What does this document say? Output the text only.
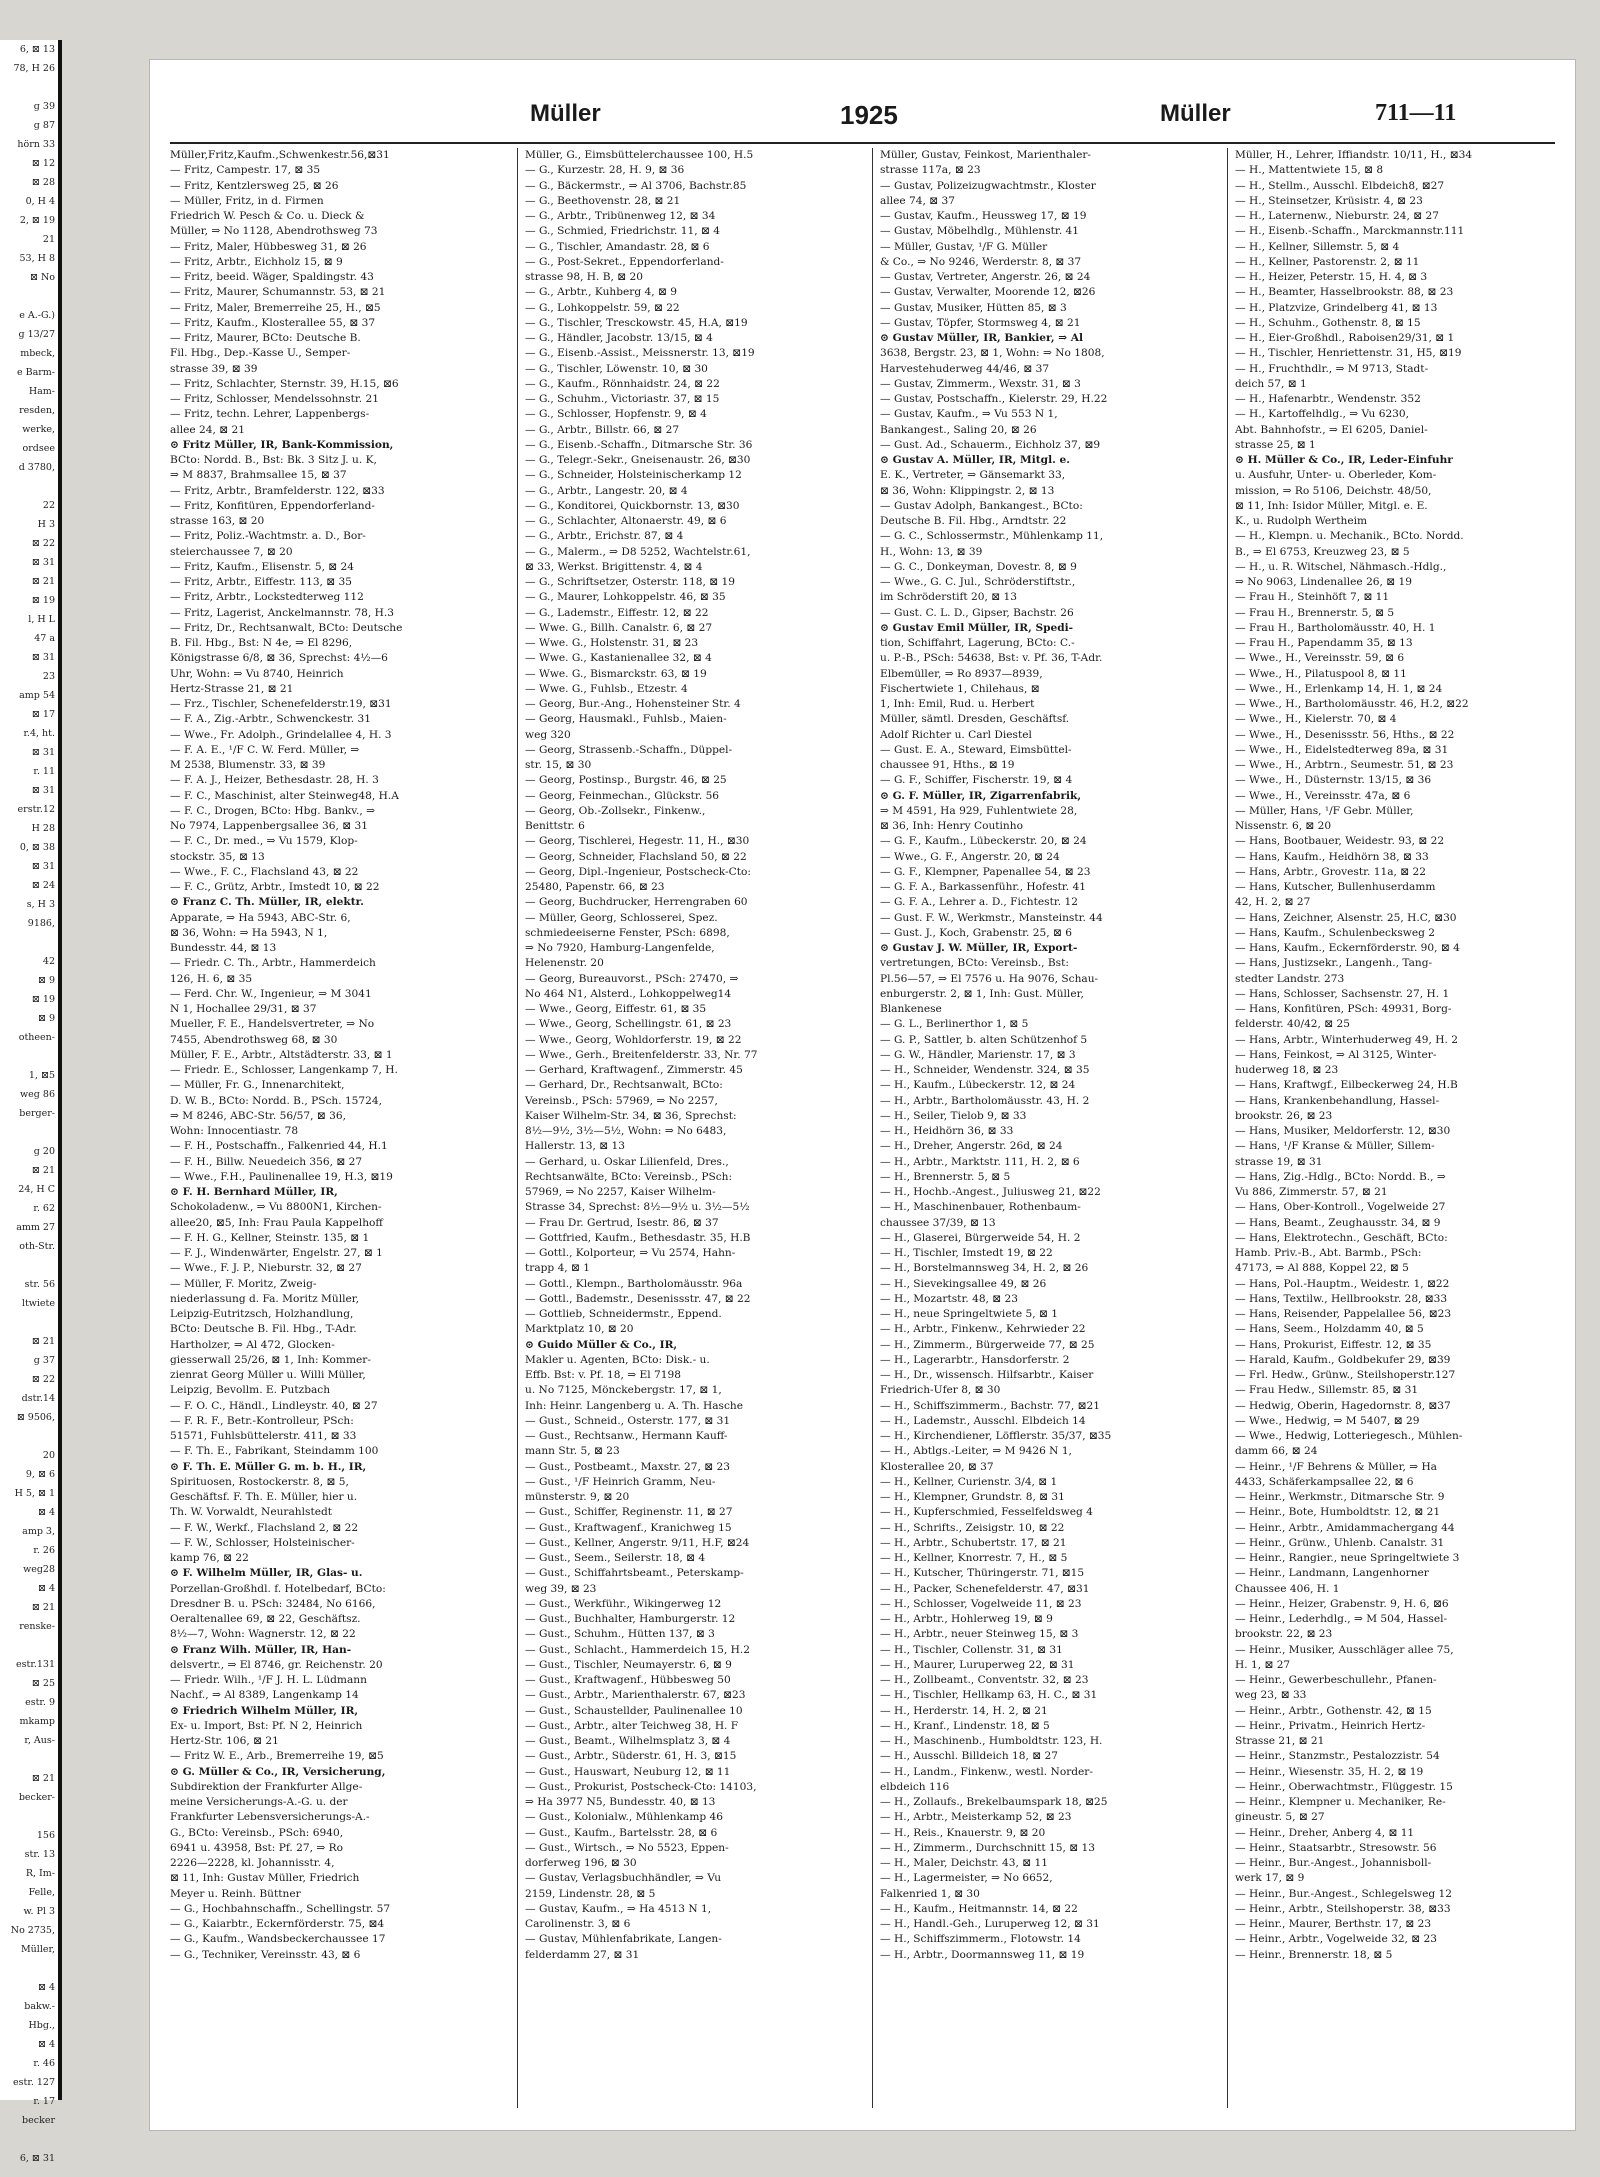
6, ⊠ 13
78, H 26

g 39
g 87
hörn 33
⊠ 12
⊠ 28
0, H 4
2, ⊠ 19
21
53, H 8
⊠ No

e A.-G.)
g 13/27
mbeck,
e Barm-
Ham-
resden,
werke,
ordsee
d 3780,

22
H 3
⊠ 22
⊠ 31
⊠ 21
⊠ 19
l, H L
47 a
⊠ 31
23
amp 54
⊠ 17
r.4, ht.
⊠ 31
r. 11
⊠ 31
erstr.12
H 28
0, ⊠ 38
⊠ 31
⊠ 24
s, H 3
9186,

42
⊠ 9
⊠ 19
⊠ 9
otheen-

1, ⊠5
weg 86
berger-

g 20
⊠ 21
24, H C
r. 62
amm 27
oth-Str.

str. 56
ltwiete

⊠ 21
g 37
⊠ 22
dstr.14
⊠ 9506,

20
9, ⊠ 6
H 5, ⊠ 1
⊠ 4
amp 3,
r. 26
weg28
⊠ 4
⊠ 21
renske-

estr.131
⊠ 25
estr. 9
mkamp
r, Aus-

⊠ 21
becker-

156
str. 13
R, Im-
Felle,
w. Pl 3
No 2735,
Müller,

⊠ 4
bakw.-
Hbg.,
⊠ 4
r. 46
estr. 127
r. 17
becker

6, ⊠ 31
Müller	1925	Müller	711—11
Müller,Fritz,Kaufm.,Schwenkestr.56,⊠31
— Fritz, Campestr. 17, ⊠ 35
— Fritz, Kentzlersweg 25, ⊠ 26
— Müller, Fritz, in d. Firmen
Friedrich W. Pesch & Co. u. Dieck &
Müller, ⇒ No 1128, Abendrothsweg 73
— Fritz, Maler, Hübbesweg 31, ⊠ 26
— Fritz, Arbtr., Eichholz 15, ⊠ 9
— Fritz, beeid. Wäger, Spaldingstr. 43
— Fritz, Maurer, Schumannstr. 53, ⊠ 21
— Fritz, Maler, Bremerreihe 25, H., ⊠5
— Fritz, Kaufm., Klosterallee 55, ⊠ 37
— Fritz, Maurer, BCto: Deutsche B.
Fil. Hbg., Dep.-Kasse U., Semper-
strasse 39, ⊠ 39
— Fritz, Schlachter, Sternstr. 39, H.15, ⊠6
— Fritz, Schlosser, Mendelssohnstr. 21
— Fritz, techn. Lehrer, Lappenbergs-
allee 24, ⊠ 21
⊙ Fritz Müller, IR, Bank-Kommission,
BCto: Nordd. B., Bst: Bk. 3 Sitz J. u. K,
⇒ M 8837, Brahmsallee 15, ⊠ 37
— Fritz, Arbtr., Bramfelderstr. 122, ⊠33
— Fritz, Konfitüren, Eppendorferland-
strasse 163, ⊠ 20
— Fritz, Poliz.-Wachtmstr. a. D., Bor-
steierchaussee 7, ⊠ 20
— Fritz, Kaufm., Elisenstr. 5, ⊠ 24
— Fritz, Arbtr., Eiffestr. 113, ⊠ 35
— Fritz, Arbtr., Lockstedterweg 112
— Fritz, Lagerist, Anckelmannstr. 78, H.3
— Fritz, Dr., Rechtsanwalt, BCto: Deutsche
B. Fil. Hbg., Bst: N 4e, ⇒ El 8296,
Königstrasse 6/8, ⊠ 36, Sprechst: 4½—6
Uhr, Wohn: ⇒ Vu 8740, Heinrich
Hertz-Strasse 21, ⊠ 21
— Frz., Tischler, Schenefelderstr.19, ⊠31
— F. A., Zig.-Arbtr., Schwenckestr. 31
— Wwe., Fr. Adolph., Grindelallee 4, H. 3
— F. A. E., ¹/F C. W. Ferd. Müller, ⇒
M 2538, Blumenstr. 33, ⊠ 39
— F. A. J., Heizer, Bethesdastr. 28, H. 3
— F. C., Maschinist, alter Steinweg48, H.A
— F. C., Drogen, BCto: Hbg. Bankv., ⇒
No 7974, Lappenbergsallee 36, ⊠ 31
— F. C., Dr. med., ⇒ Vu 1579, Klop-
stockstr. 35, ⊠ 13
— Wwe., F. C., Flachsland 43, ⊠ 22
— F. C., Grütz, Arbtr., Imstedt 10, ⊠ 22
⊙ Franz C. Th. Müller, IR, elektr.
Apparate, ⇒ Ha 5943, ABC-Str. 6,
⊠ 36, Wohn: ⇒ Ha 5943, N 1,
Bundesstr. 44, ⊠ 13
— Friedr. C. Th., Arbtr., Hammerdeich
126, H. 6, ⊠ 35
— Ferd. Chr. W., Ingenieur, ⇒ M 3041
N 1, Hochallee 29/31, ⊠ 37
Mueller, F. E., Handelsvertreter, ⇒ No
7455, Abendrothsweg 68, ⊠ 30
Müller, F. E., Arbtr., Altstädterstr. 33, ⊠ 1
— Friedr. E., Schlosser, Langenkamp 7, H.
— Müller, Fr. G., Innenarchitekt,
D. W. B., BCto: Nordd. B., PSch. 15724,
⇒ M 8246, ABC-Str. 56/57, ⊠ 36,
Wohn: Innocentiastr. 78
— F. H., Postschaffn., Falkenried 44, H.1
— F. H., Billw. Neuedeich 356, ⊠ 27
— Wwe., F.H., Paulinenallee 19, H.3, ⊠19
⊙ F. H. Bernhard Müller, IR,
Schokoladenw., ⇒ Vu 8800N1, Kirchen-
allee20, ⊠5, Inh: Frau Paula Kappelhoff
— F. H. G., Kellner, Steinstr. 135, ⊠ 1
— F. J., Windenwärter, Engelstr. 27, ⊠ 1
— Wwe., F. J. P., Nieburstr. 32, ⊠ 27
— Müller, F. Moritz, Zweig-
niederlassung d. Fa. Moritz Müller,
Leipzig-Eutritzsch, Holzhandlung,
BCto: Deutsche B. Fil. Hbg., T-Adr.
Hartholzer, ⇒ Al 472, Glocken-
giesserwall 25/26, ⊠ 1, Inh: Kommer-
zienrat Georg Müller u. Willi Müller,
Leipzig, Bevollm. E. Putzbach
— F. O. C., Händl., Lindleystr. 40, ⊠ 27
— F. R. F., Betr.-Kontrolleur, PSch:
51571, Fuhlsbüttelerstr. 411, ⊠ 33
— F. Th. E., Fabrikant, Steindamm 100
⊙ F. Th. E. Müller G. m. b. H., IR,
Spirituosen, Rostockerstr. 8, ⊠ 5,
Geschäftsf. F. Th. E. Müller, hier u.
Th. W. Vorwaldt, Neurahlstedt
— F. W., Werkf., Flachsland 2, ⊠ 22
— F. W., Schlosser, Holsteinischer-
kamp 76, ⊠ 22
⊙ F. Wilhelm Müller, IR, Glas- u.
Porzellan-Großhdl. f. Hotelbedarf, BCto:
Dresdner B. u. PSch: 32484, No 6166,
Oeraltenallee 69, ⊠ 22, Geschäftsz.
8½—7, Wohn: Wagnerstr. 12, ⊠ 22
⊙ Franz Wilh. Müller, IR, Han-
delsvertr., ⇒ El 8746, gr. Reichenstr. 20
— Friedr. Wilh., ¹/F J. H. L. Lüdmann
Nachf., ⇒ Al 8389, Langenkamp 14
⊙ Friedrich Wilhelm Müller, IR,
Ex- u. Import, Bst: Pf. N 2, Heinrich
Hertz-Str. 106, ⊠ 21
— Fritz W. E., Arb., Bremerreihe 19, ⊠5
⊙ G. Müller & Co., IR, Versicherung,
Subdirektion der Frankfurter Allge-
meine Versicherungs-A.-G. u. der
Frankfurter Lebensversicherungs-A.-
G., BCto: Vereinsb., PSch: 6940,
6941 u. 43958, Bst: Pf. 27, ⇒ Ro
2226—2228, kl. Johannisstr. 4,
⊠ 11, Inh: Gustav Müller, Friedrich
Meyer u. Reinh. Büttner
— G., Hochbahnschaffn., Schellingstr. 57
— G., Kaiarbtr., Eckernförderstr. 75, ⊠4
— G., Kaufm., Wandsbeckerchaussee 17
— G., Techniker, Vereinsstr. 43, ⊠ 6
Müller, G., Eimsbüttelerchaussee 100, H.5
— G., Kurzestr. 28, H. 9, ⊠ 36
— G., Bäckermstr., ⇒ Al 3706, Bachstr.85
— G., Beethovenstr. 28, ⊠ 21
— G., Arbtr., Tribünenweg 12, ⊠ 34
— G., Schmied, Friedrichstr. 11, ⊠ 4
— G., Tischler, Amandastr. 28, ⊠ 6
— G., Post-Sekret., Eppendorferland-
strasse 98, H. B, ⊠ 20
— G., Arbtr., Kuhberg 4, ⊠ 9
— G., Lohkoppelstr. 59, ⊠ 22
— G., Tischler, Tresckowstr. 45, H.A, ⊠19
— G., Händler, Jacobstr. 13/15, ⊠ 4
— G., Eisenb.-Assist., Meissnerstr. 13, ⊠19
— G., Tischler, Löwenstr. 10, ⊠ 30
— G., Kaufm., Rönnhaidstr. 24, ⊠ 22
— G., Schuhm., Victoriastr. 37, ⊠ 15
— G., Schlosser, Hopfenstr. 9, ⊠ 4
— G., Arbtr., Billstr. 66, ⊠ 27
— G., Eisenb.-Schaffn., Ditmarsche Str. 36
— G., Telegr.-Sekr., Gneisenaustr. 26, ⊠30
— G., Schneider, Holsteinischerkamp 12
— G., Arbtr., Langestr. 20, ⊠ 4
— G., Konditorei, Quickbornstr. 13, ⊠30
— G., Schlachter, Altonaerstr. 49, ⊠ 6
— G., Arbtr., Erichstr. 87, ⊠ 4
— G., Malerm., ⇒ D8 5252, Wachtelstr.61,
⊠ 33, Werkst. Brigittenstr. 4, ⊠ 4
— G., Schriftsetzer, Osterstr. 118, ⊠ 19
— G., Maurer, Lohkoppelstr. 46, ⊠ 35
— G., Lademstr., Eiffestr. 12, ⊠ 22
— Wwe. G., Billh. Canalstr. 6, ⊠ 27
— Wwe. G., Holstenstr. 31, ⊠ 23
— Wwe. G., Kastanienallee 32, ⊠ 4
— Wwe. G., Bismarckstr. 63, ⊠ 19
— Wwe. G., Fuhlsb., Etzestr. 4
— Georg, Bur.-Ang., Hohensteiner Str. 4
— Georg, Hausmakl., Fuhlsb., Maien-
weg 320
— Georg, Strassenb.-Schaffn., Düppel-
str. 15, ⊠ 30
— Georg, Postinsp., Burgstr. 46, ⊠ 25
— Georg, Feinmechan., Glückstr. 56
— Georg, Ob.-Zollsekr., Finkenw.,
Benittstr. 6
— Georg, Tischlerei, Hegestr. 11, H., ⊠30
— Georg, Schneider, Flachsland 50, ⊠ 22
— Georg, Dipl.-Ingenieur, Postscheck-Cto:
25480, Papenstr. 66, ⊠ 23
— Georg, Buchdrucker, Herrengraben 60
— Müller, Georg, Schlosserei, Spez.
schmiedeeiserne Fenster, PSch: 6898,
⇒ No 7920, Hamburg-Langenfelde,
Helenenstr. 20
— Georg, Bureauvorst., PSch: 27470, ⇒
No 464 N1, Alsterd., Lohkoppelweg14
— Wwe., Georg, Eiffestr. 61, ⊠ 35
— Wwe., Georg, Schellingstr. 61, ⊠ 23
— Wwe., Georg, Wohldorferstr. 19, ⊠ 22
— Wwe., Gerh., Breitenfelderstr. 33, Nr. 77
— Gerhard, Kraftwagenf., Zimmerstr. 45
— Gerhard, Dr., Rechtsanwalt, BCto:
Vereinsb., PSch: 57969, ⇒ No 2257,
Kaiser Wilhelm-Str. 34, ⊠ 36, Sprechst:
8½—9½, 3½—5½, Wohn: ⇒ No 6483,
Hallerstr. 13, ⊠ 13
— Gerhard, u. Oskar Lilienfeld, Dres.,
Rechtsanwälte, BCto: Vereinsb., PSch:
57969, ⇒ No 2257, Kaiser Wilhelm-
Strasse 34, Sprechst: 8½—9½ u. 3½—5½
— Frau Dr. Gertrud, Isestr. 86, ⊠ 37
— Gottfried, Kaufm., Bethesdastr. 35, H.B
— Gottl., Kolporteur, ⇒ Vu 2574, Hahn-
trapp 4, ⊠ 1
— Gottl., Klempn., Bartholomäusstr. 96a
— Gottl., Bademstr., Desenissstr. 47, ⊠ 22
— Gottlieb, Schneidermstr., Eppend.
Marktplatz 10, ⊠ 20
⊙ Guido Müller & Co., IR,
Makler u. Agenten, BCto: Disk.- u.
Effb. Bst: v. Pf. 18, ⇒ El 7198
u. No 7125, Mönckebergstr. 17, ⊠ 1,
Inh: Heinr. Langenberg u. A. Th. Hasche
— Gust., Schneid., Osterstr. 177, ⊠ 31
— Gust., Rechtsanw., Hermann Kauff-
mann Str. 5, ⊠ 23
— Gust., Postbeamt., Maxstr. 27, ⊠ 23
— Gust., ¹/F Heinrich Gramm, Neu-
münsterstr. 9, ⊠ 20
— Gust., Schiffer, Reginenstr. 11, ⊠ 27
— Gust., Kraftwagenf., Kranichweg 15
— Gust., Kellner, Angerstr. 9/11, H.F, ⊠24
— Gust., Seem., Seilerstr. 18, ⊠ 4
— Gust., Schiffahrtsbeamt., Peterskamp-
weg 39, ⊠ 23
— Gust., Werkführ., Wikingerweg 12
— Gust., Buchhalter, Hamburgerstr. 12
— Gust., Schuhm., Hütten 137, ⊠ 3
— Gust., Schlacht., Hammerdeich 15, H.2
— Gust., Tischler, Neumayerstr. 6, ⊠ 9
— Gust., Kraftwagenf., Hübbesweg 50
— Gust., Arbtr., Marienthalerstr. 67, ⊠23
— Gust., Schaustellder, Paulinenallee 10
— Gust., Arbtr., alter Teichweg 38, H. F
— Gust., Beamt., Wilhelmsplatz 3, ⊠ 4
— Gust., Arbtr., Süderstr. 61, H. 3, ⊠15
— Gust., Hauswart, Neuburg 12, ⊠ 11
— Gust., Prokurist, Postscheck-Cto: 14103,
⇒ Ha 3977 N5, Bundesstr. 40, ⊠ 13
— Gust., Kolonialw., Mühlenkamp 46
— Gust., Kaufm., Bartelsstr. 28, ⊠ 6
— Gust., Wirtsch., ⇒ No 5523, Eppen-
dorferweg 196, ⊠ 30
— Gustav, Verlagsbuchhändler, ⇒ Vu
2159, Lindenstr. 28, ⊠ 5
— Gustav, Kaufm., ⇒ Ha 4513 N 1,
Carolinenstr. 3, ⊠ 6
— Gustav, Mühlenfabrikate, Langen-
felderdamm 27, ⊠ 31
Müller, Gustav, Feinkost, Marienthaler-
strasse 117a, ⊠ 23
— Gustav, Polizeizugwachtmstr., Kloster
allee 74, ⊠ 37
— Gustav, Kaufm., Heussweg 17, ⊠ 19
— Gustav, Möbelhdlg., Mühlenstr. 41
— Müller, Gustav, ¹/F G. Müller
& Co., ⇒ No 9246, Werderstr. 8, ⊠ 37
— Gustav, Vertreter, Angerstr. 26, ⊠ 24
— Gustav, Verwalter, Moorende 12, ⊠26
— Gustav, Musiker, Hütten 85, ⊠ 3
— Gustav, Töpfer, Stormsweg 4, ⊠ 21
⊙ Gustav Müller, IR, Bankier, ⇒ Al
3638, Bergstr. 23, ⊠ 1, Wohn: ⇒ No 1808,
Harvestehuderweg 44/46, ⊠ 37
— Gustav, Zimmerm., Wexstr. 31, ⊠ 3
— Gustav, Postschaffn., Kielerstr. 29, H.22
— Gustav, Kaufm., ⇒ Vu 553 N 1,
Bankangest., Saling 20, ⊠ 26
— Gust. Ad., Schauerm., Eichholz 37, ⊠9
⊙ Gustav A. Müller, IR, Mitgl. e.
E. K., Vertreter, ⇒ Gänsemarkt 33,
⊠ 36, Wohn: Klippingstr. 2, ⊠ 13
— Gustav Adolph, Bankangest., BCto:
Deutsche B. Fil. Hbg., Arndtstr. 22
— G. C., Schlossermstr., Mühlenkamp 11,
H., Wohn: 13, ⊠ 39
— G. C., Donkeyman, Dovestr. 8, ⊠ 9
— Wwe., G. C. Jul., Schröderstiftstr.,
im Schröderstift 20, ⊠ 13
— Gust. C. L. D., Gipser, Bachstr. 26
⊙ Gustav Emil Müller, IR, Spedi-
tion, Schiffahrt, Lagerung, BCto: C.-
u. P.-B., PSch: 54638, Bst: v. Pf. 36, T-Adr.
Elbemüller, ⇒ Ro 8937—8939,
Fischertwiete 1, Chilehaus, ⊠
1, Inh: Emil, Rud. u. Herbert
Müller, sämtl. Dresden, Geschäftsf.
Adolf Richter u. Carl Diestel
— Gust. E. A., Steward, Eimsbüttel-
chaussee 91, Hths., ⊠ 19
— G. F., Schiffer, Fischerstr. 19, ⊠ 4
⊙ G. F. Müller, IR, Zigarrenfabrik,
⇒ M 4591, Ha 929, Fuhlentwiete 28,
⊠ 36, Inh: Henry Coutinho
— G. F., Kaufm., Lübeckerstr. 20, ⊠ 24
— Wwe., G. F., Angerstr. 20, ⊠ 24
— G. F., Klempner, Papenallee 54, ⊠ 23
— G. F. A., Barkassenführ., Hofestr. 41
— G. F. A., Lehrer a. D., Fichtestr. 12
— Gust. F. W., Werkmstr., Mansteinstr. 44
— Gust. J., Koch, Grabenstr. 25, ⊠ 6
⊙ Gustav J. W. Müller, IR, Export-
vertretungen, BCto: Vereinsb., Bst:
Pl.56—57, ⇒ El 7576 u. Ha 9076, Schau-
enburgerstr. 2, ⊠ 1, Inh: Gust. Müller,
Blankenese
— G. L., Berlinerthor 1, ⊠ 5
— G. P., Sattler, b. alten Schützenhof 5
— G. W., Händler, Marienstr. 17, ⊠ 3
— H., Schneider, Wendenstr. 324, ⊠ 35
— H., Kaufm., Lübeckerstr. 12, ⊠ 24
— H., Arbtr., Bartholomäusstr. 43, H. 2
— H., Seiler, Tielob 9, ⊠ 33
— H., Heidhörn 36, ⊠ 33
— H., Dreher, Angerstr. 26d, ⊠ 24
— H., Arbtr., Marktstr. 111, H. 2, ⊠ 6
— H., Brennerstr. 5, ⊠ 5
— H., Hochb.-Angest., Juliusweg 21, ⊠22
— H., Maschinenbauer, Rothenbaum-
chaussee 37/39, ⊠ 13
— H., Glaserei, Bürgerweide 54, H. 2
— H., Tischler, Imstedt 19, ⊠ 22
— H., Borstelmannsweg 34, H. 2, ⊠ 26
— H., Sievekingsallee 49, ⊠ 26
— H., Mozartstr. 48, ⊠ 23
— H., neue Springeltwiete 5, ⊠ 1
— H., Arbtr., Finkenw., Kehrwieder 22
— H., Zimmerm., Bürgerweide 77, ⊠ 25
— H., Lagerarbtr., Hansdorferstr. 2
— H., Dr., wissensch. Hilfsarbtr., Kaiser
Friedrich-Ufer 8, ⊠ 30
— H., Schiffszimmerm., Bachstr. 77, ⊠21
— H., Lademstr., Ausschl. Elbdeich 14
— H., Kirchendiener, Löfflerstr. 35/37, ⊠35
— H., Abtlgs.-Leiter, ⇒ M 9426 N 1,
Klosterallee 20, ⊠ 37
— H., Kellner, Curienstr. 3/4, ⊠ 1
— H., Klempner, Grundstr. 8, ⊠ 31
— H., Kupferschmied, Fesselfeldsweg 4
— H., Schrifts., Zeisigstr. 10, ⊠ 22
— H., Arbtr., Schubertstr. 17, ⊠ 21
— H., Kellner, Knorrestr. 7, H., ⊠ 5
— H., Kutscher, Thüringerstr. 71, ⊠15
— H., Packer, Schenefelderstr. 47, ⊠31
— H., Schlosser, Vogelweide 11, ⊠ 23
— H., Arbtr., Hohlerweg 19, ⊠ 9
— H., Arbtr., neuer Steinweg 15, ⊠ 3
— H., Tischler, Collenstr. 31, ⊠ 31
— H., Maurer, Luruperweg 22, ⊠ 31
— H., Zollbeamt., Conventstr. 32, ⊠ 23
— H., Tischler, Hellkamp 63, H. C., ⊠ 31
— H., Herderstr. 14, H. 2, ⊠ 21
— H., Kranf., Lindenstr. 18, ⊠ 5
— H., Maschinenb., Humboldtstr. 123, H.
— H., Ausschl. Billdeich 18, ⊠ 27
— H., Landm., Finkenw., westl. Norder-
elbdeich 116
— H., Zollaufs., Brekelbaumspark 18, ⊠25
— H., Arbtr., Meisterkamp 52, ⊠ 23
— H., Reis., Knauerstr. 9, ⊠ 20
— H., Zimmerm., Durchschnitt 15, ⊠ 13
— H., Maler, Deichstr. 43, ⊠ 11
— H., Lagermeister, ⇒ No 6652,
Falkenried 1, ⊠ 30
— H., Kaufm., Heitmannstr. 14, ⊠ 22
— H., Handl.-Geh., Luruperweg 12, ⊠ 31
— H., Schiffszimmerm., Flotowstr. 14
— H., Arbtr., Doormannsweg 11, ⊠ 19
Müller, H., Lehrer, Iffiandstr. 10/11, H., ⊠34
— H., Mattentwiete 15, ⊠ 8
— H., Stellm., Ausschl. Elbdeich8, ⊠27
— H., Steinsetzer, Krüsistr. 4, ⊠ 23
— H., Laternenw., Nieburstr. 24, ⊠ 27
— H., Eisenb.-Schaffn., Marckmannstr.111
— H., Kellner, Sillemstr. 5, ⊠ 4
— H., Kellner, Pastorenstr. 2, ⊠ 11
— H., Heizer, Peterstr. 15, H. 4, ⊠ 3
— H., Beamter, Hasselbrookstr. 88, ⊠ 23
— H., Platzvize, Grindelberg 41, ⊠ 13
— H., Schuhm., Gothenstr. 8, ⊠ 15
— H., Eier-Großhdl., Raboisen29/31, ⊠ 1
— H., Tischler, Henriettenstr. 31, H5, ⊠19
— H., Fruchthdlr., ⇒ M 9713, Stadt-
deich 57, ⊠ 1
— H., Hafenarbtr., Wendenstr. 352
— H., Kartoffelhdlg., ⇒ Vu 6230,
Abt. Bahnhofstr., ⇒ El 6205, Daniel-
strasse 25, ⊠ 1
⊙ H. Müller & Co., IR, Leder-Einfuhr
u. Ausfuhr, Unter- u. Oberleder, Kom-
mission, ⇒ Ro 5106, Deichstr. 48/50,
⊠ 11, Inh: Isidor Müller, Mitgl. e. E.
K., u. Rudolph Wertheim
— H., Klempn. u. Mechanik., BCto. Nordd.
B., ⇒ El 6753, Kreuzweg 23, ⊠ 5
— H., u. R. Witschel, Nähmasch.-Hdlg.,
⇒ No 9063, Lindenallee 26, ⊠ 19
— Frau H., Steinhöft 7, ⊠ 11
— Frau H., Brennerstr. 5, ⊠ 5
— Frau H., Bartholomäusstr. 40, H. 1
— Frau H., Papendamm 35, ⊠ 13
— Wwe., H., Vereinsstr. 59, ⊠ 6
— Wwe., H., Pilatuspool 8, ⊠ 11
— Wwe., H., Erlenkamp 14, H. 1, ⊠ 24
— Wwe., H., Bartholomäusstr. 46, H.2, ⊠22
— Wwe., H., Kielerstr. 70, ⊠ 4
— Wwe., H., Desenissstr. 56, Hths., ⊠ 22
— Wwe., H., Eidelstedterweg 89a, ⊠ 31
— Wwe., H., Arbtrn., Seumestr. 51, ⊠ 23
— Wwe., H., Düsternstr. 13/15, ⊠ 36
— Wwe., H., Vereinsstr. 47a, ⊠ 6
— Müller, Hans, ¹/F Gebr. Müller,
Nissenstr. 6, ⊠ 20
— Hans, Bootbauer, Weidestr. 93, ⊠ 22
— Hans, Kaufm., Heidhörn 38, ⊠ 33
— Hans, Arbtr., Grovestr. 11a, ⊠ 22
— Hans, Kutscher, Bullenhuserdamm
42, H. 2, ⊠ 27
— Hans, Zeichner, Alsenstr. 25, H.C, ⊠30
— Hans, Kaufm., Schulenbecksweg 2
— Hans, Kaufm., Eckernförderstr. 90, ⊠ 4
— Hans, Justizsekr., Langenh., Tang-
stedter Landstr. 273
— Hans, Schlosser, Sachsenstr. 27, H. 1
— Hans, Konfitüren, PSch: 49931, Borg-
felderstr. 40/42, ⊠ 25
— Hans, Arbtr., Winterhuderweg 49, H. 2
— Hans, Feinkost, ⇒ Al 3125, Winter-
huderweg 18, ⊠ 23
— Hans, Kraftwgf., Eilbeckerweg 24, H.B
— Hans, Krankenbehandlung, Hassel-
brookstr. 26, ⊠ 23
— Hans, Musiker, Meldorferstr. 12, ⊠30
— Hans, ¹/F Kranse & Müller, Sillem-
strasse 19, ⊠ 31
— Hans, Zig.-Hdlg., BCto: Nordd. B., ⇒
Vu 886, Zimmerstr. 57, ⊠ 21
— Hans, Ober-Kontroll., Vogelweide 27
— Hans, Beamt., Zeughausstr. 34, ⊠ 9
— Hans, Elektrotechn., Geschäft, BCto:
Hamb. Priv.-B., Abt. Barmb., PSch:
47173, ⇒ Al 888, Koppel 22, ⊠ 5
— Hans, Pol.-Hauptm., Weidestr. 1, ⊠22
— Hans, Textilw., Hellbrookstr. 28, ⊠33
— Hans, Reisender, Pappelallee 56, ⊠23
— Hans, Seem., Holzdamm 40, ⊠ 5
— Hans, Prokurist, Eiffestr. 12, ⊠ 35
— Harald, Kaufm., Goldbekufer 29, ⊠39
— Frl. Hedw., Grünw., Steilshoperstr.127
— Frau Hedw., Sillemstr. 85, ⊠ 31
— Hedwig, Oberin, Hagedornstr. 8, ⊠37
— Wwe., Hedwig, ⇒ M 5407, ⊠ 29
— Wwe., Hedwig, Lotteriegesch., Mühlen-
damm 66, ⊠ 24
— Heinr., ¹/F Behrens & Müller, ⇒ Ha
4433, Schäferkampsallee 22, ⊠ 6
— Heinr., Werkmstr., Ditmarsche Str. 9
— Heinr., Bote, Humboldtstr. 12, ⊠ 21
— Heinr., Arbtr., Amidammachergang 44
— Heinr., Grünw., Uhlenb. Canalstr. 31
— Heinr., Rangier., neue Springeltwiete 3
— Heinr., Landmann, Langenhorner
Chaussee 406, H. 1
— Heinr., Heizer, Grabenstr. 9, H. 6, ⊠6
— Heinr., Lederhdlg., ⇒ M 504, Hassel-
brookstr. 22, ⊠ 23
— Heinr., Musiker, Ausschläger allee 75,
H. 1, ⊠ 27
— Heinr., Gewerbeschullehr., Pfanen-
weg 23, ⊠ 33
— Heinr., Arbtr., Gothenstr. 42, ⊠ 15
— Heinr., Privatm., Heinrich Hertz-
Strasse 21, ⊠ 21
— Heinr., Stanzmstr., Pestalozzistr. 54
— Heinr., Wiesenstr. 35, H. 2, ⊠ 19
— Heinr., Oberwachtmstr., Flüggestr. 15
— Heinr., Klempner u. Mechaniker, Re-
gineustr. 5, ⊠ 27
— Heinr., Dreher, Anberg 4, ⊠ 11
— Heinr., Staatsarbtr., Stresowstr. 56
— Heinr., Bur.-Angest., Johannisboll-
werk 17, ⊠ 9
— Heinr., Bur.-Angest., Schlegelsweg 12
— Heinr., Arbtr., Steilshoperstr. 38, ⊠33
— Heinr., Maurer, Berthstr. 17, ⊠ 23
— Heinr., Arbtr., Vogelweide 32, ⊠ 23
— Heinr., Brennerstr. 18, ⊠ 5
